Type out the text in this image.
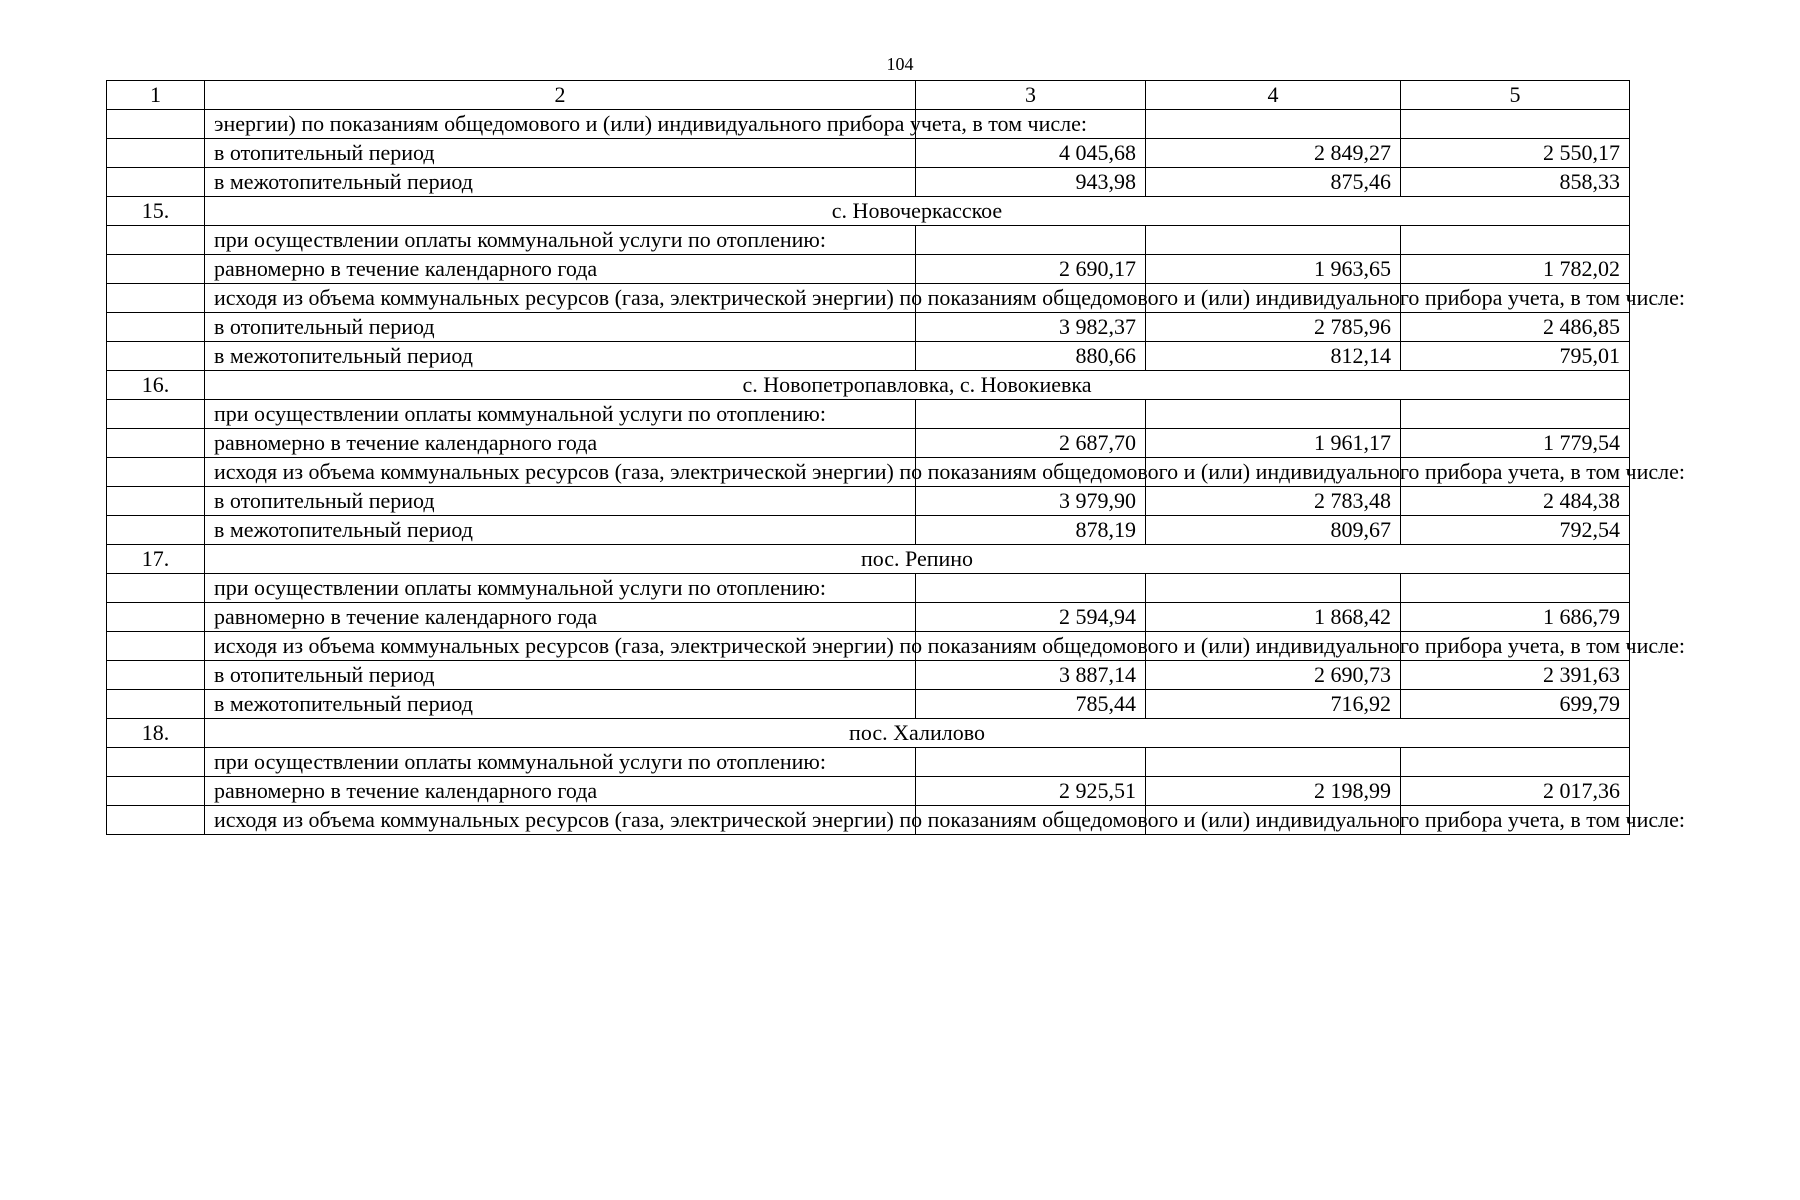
104
1	2	3	4	5
	энергии) по показаниям общедомового и (или) индивидуального прибора учета, в том числе:			
	в отопительный период	4 045,68	2 849,27	2 550,17
	в межотопительный период	943,98	875,46	858,33
15.	с. Новочеркасское			
	при осуществлении оплаты коммунальной услуги по отоплению:			
	равномерно в течение календарного года	2 690,17	1 963,65	1 782,02
	исходя из объема коммунальных ресурсов (газа, электрической энергии) по показаниям общедомового и (или) индивидуального прибора учета, в том числе:			
	в отопительный период	3 982,37	2 785,96	2 486,85
	в межотопительный период	880,66	812,14	795,01
16.	с. Новопетропавловка, с. Новокиевка			
	при осуществлении оплаты коммунальной услуги по отоплению:			
	равномерно в течение календарного года	2 687,70	1 961,17	1 779,54
	исходя из объема коммунальных ресурсов (газа, электрической энергии) по показаниям общедомового и (или) индивидуального прибора учета, в том числе:			
	в отопительный период	3 979,90	2 783,48	2 484,38
	в межотопительный период	878,19	809,67	792,54
17.	пос. Репино			
	при осуществлении оплаты коммунальной услуги по отоплению:			
	равномерно в течение календарного года	2 594,94	1 868,42	1 686,79
	исходя из объема коммунальных ресурсов (газа, электрической энергии) по показаниям общедомового и (или) индивидуального прибора учета, в том числе:			
	в отопительный период	3 887,14	2 690,73	2 391,63
	в межотопительный период	785,44	716,92	699,79
18.	пос. Халилово			
	при осуществлении оплаты коммунальной услуги по отоплению:			
	равномерно в течение календарного года	2 925,51	2 198,99	2 017,36
	исходя из объема коммунальных ресурсов (газа, электрической энергии) по показаниям общедомового и (или) индивидуального прибора учета, в том числе:			
